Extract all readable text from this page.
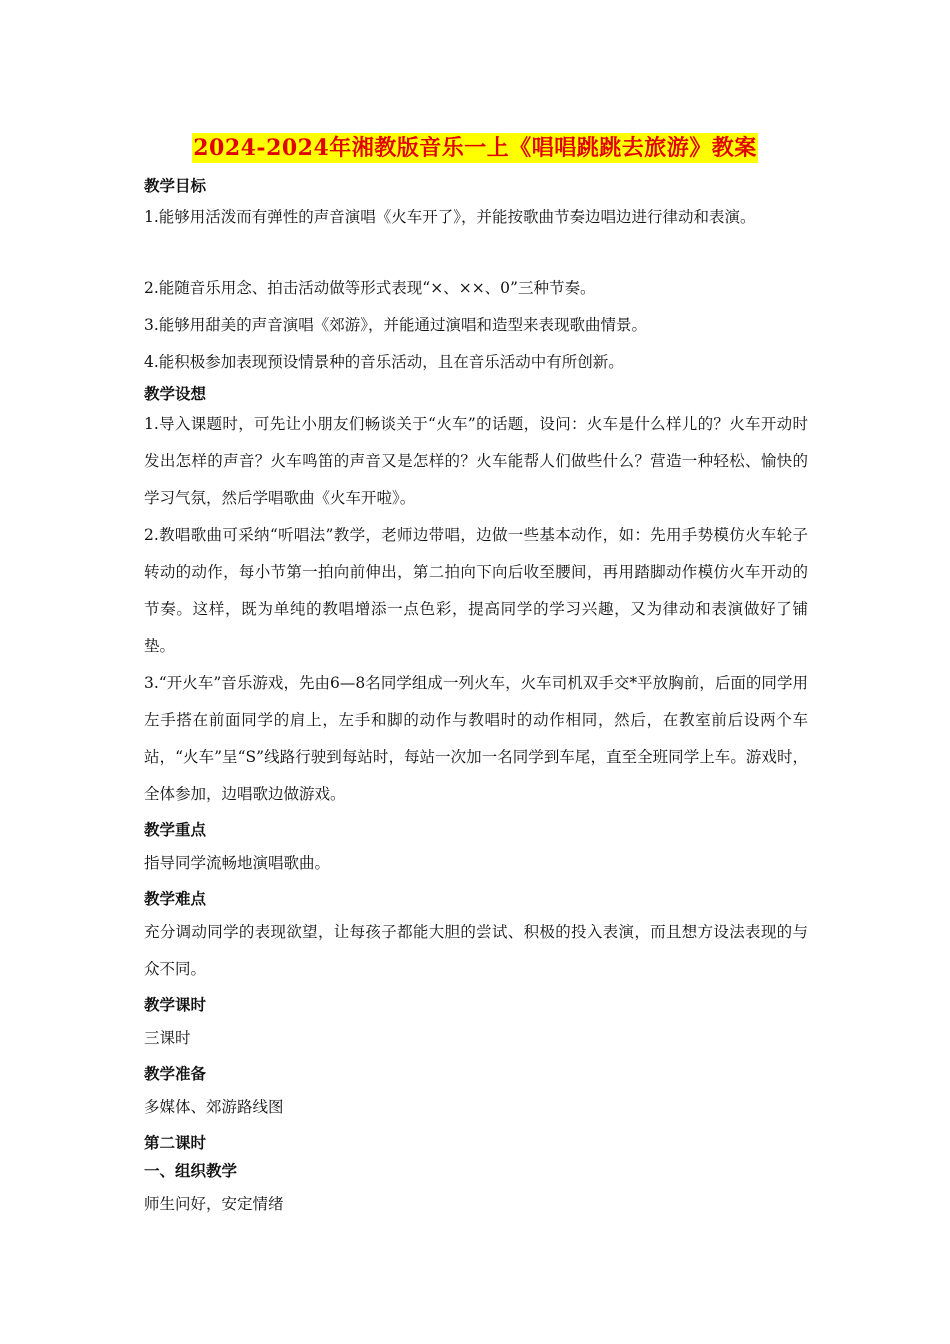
2024-2024年湘教版音乐一上《唱唱跳跳去旅游》教案

教学目标

1.能够用活泼而有弹性的声音演唱《火车开了》，并能按歌曲节奏边唱边进行律动和表演。

2.能随音乐用念、拍击活动做等形式表现“×、××、0”三种节奏。

3.能够用甜美的声音演唱《郊游》，并能通过演唱和造型来表现歌曲情景。

4.能积极参加表现预设情景种的音乐活动，且在音乐活动中有所创新。

教学设想

1.导入课题时，可先让小朋友们畅谈关于“火车”的话题，设问：火车是什么样儿的？火车开动时发出怎样的声音？火车鸣笛的声音又是怎样的？火车能帮人们做些什么？营造一种轻松、愉快的学习气氛，然后学唱歌曲《火车开啦》。

2.教唱歌曲可采纳“听唱法”教学，老师边带唱，边做一些基本动作，如：先用手势模仿火车轮子转动的动作，每小节第一拍向前伸出，第二拍向下向后收至腰间，再用踏脚动作模仿火车开动的节奏。这样，既为单纯的教唱增添一点色彩，提高同学的学习兴趣，又为律动和表演做好了铺垫。

3.“开火车”音乐游戏，先由6—8名同学组成一列火车，火车司机双手交*平放胸前，后面的同学用左手搭在前面同学的肩上，左手和脚的动作与教唱时的动作相同，然后，在教室前后设两个车站，“火车”呈“S”线路行驶到每站时，每站一次加一名同学到车尾，直至全班同学上车。游戏时，全体参加，边唱歌边做游戏。

教学重点

指导同学流畅地演唱歌曲。

教学难点

充分调动同学的表现欲望，让每孩子都能大胆的尝试、积极的投入表演，而且想方设法表现的与众不同。

教学课时

三课时

教学准备

多媒体、郊游路线图

第二课时

一、组织教学

师生问好，安定情绪
